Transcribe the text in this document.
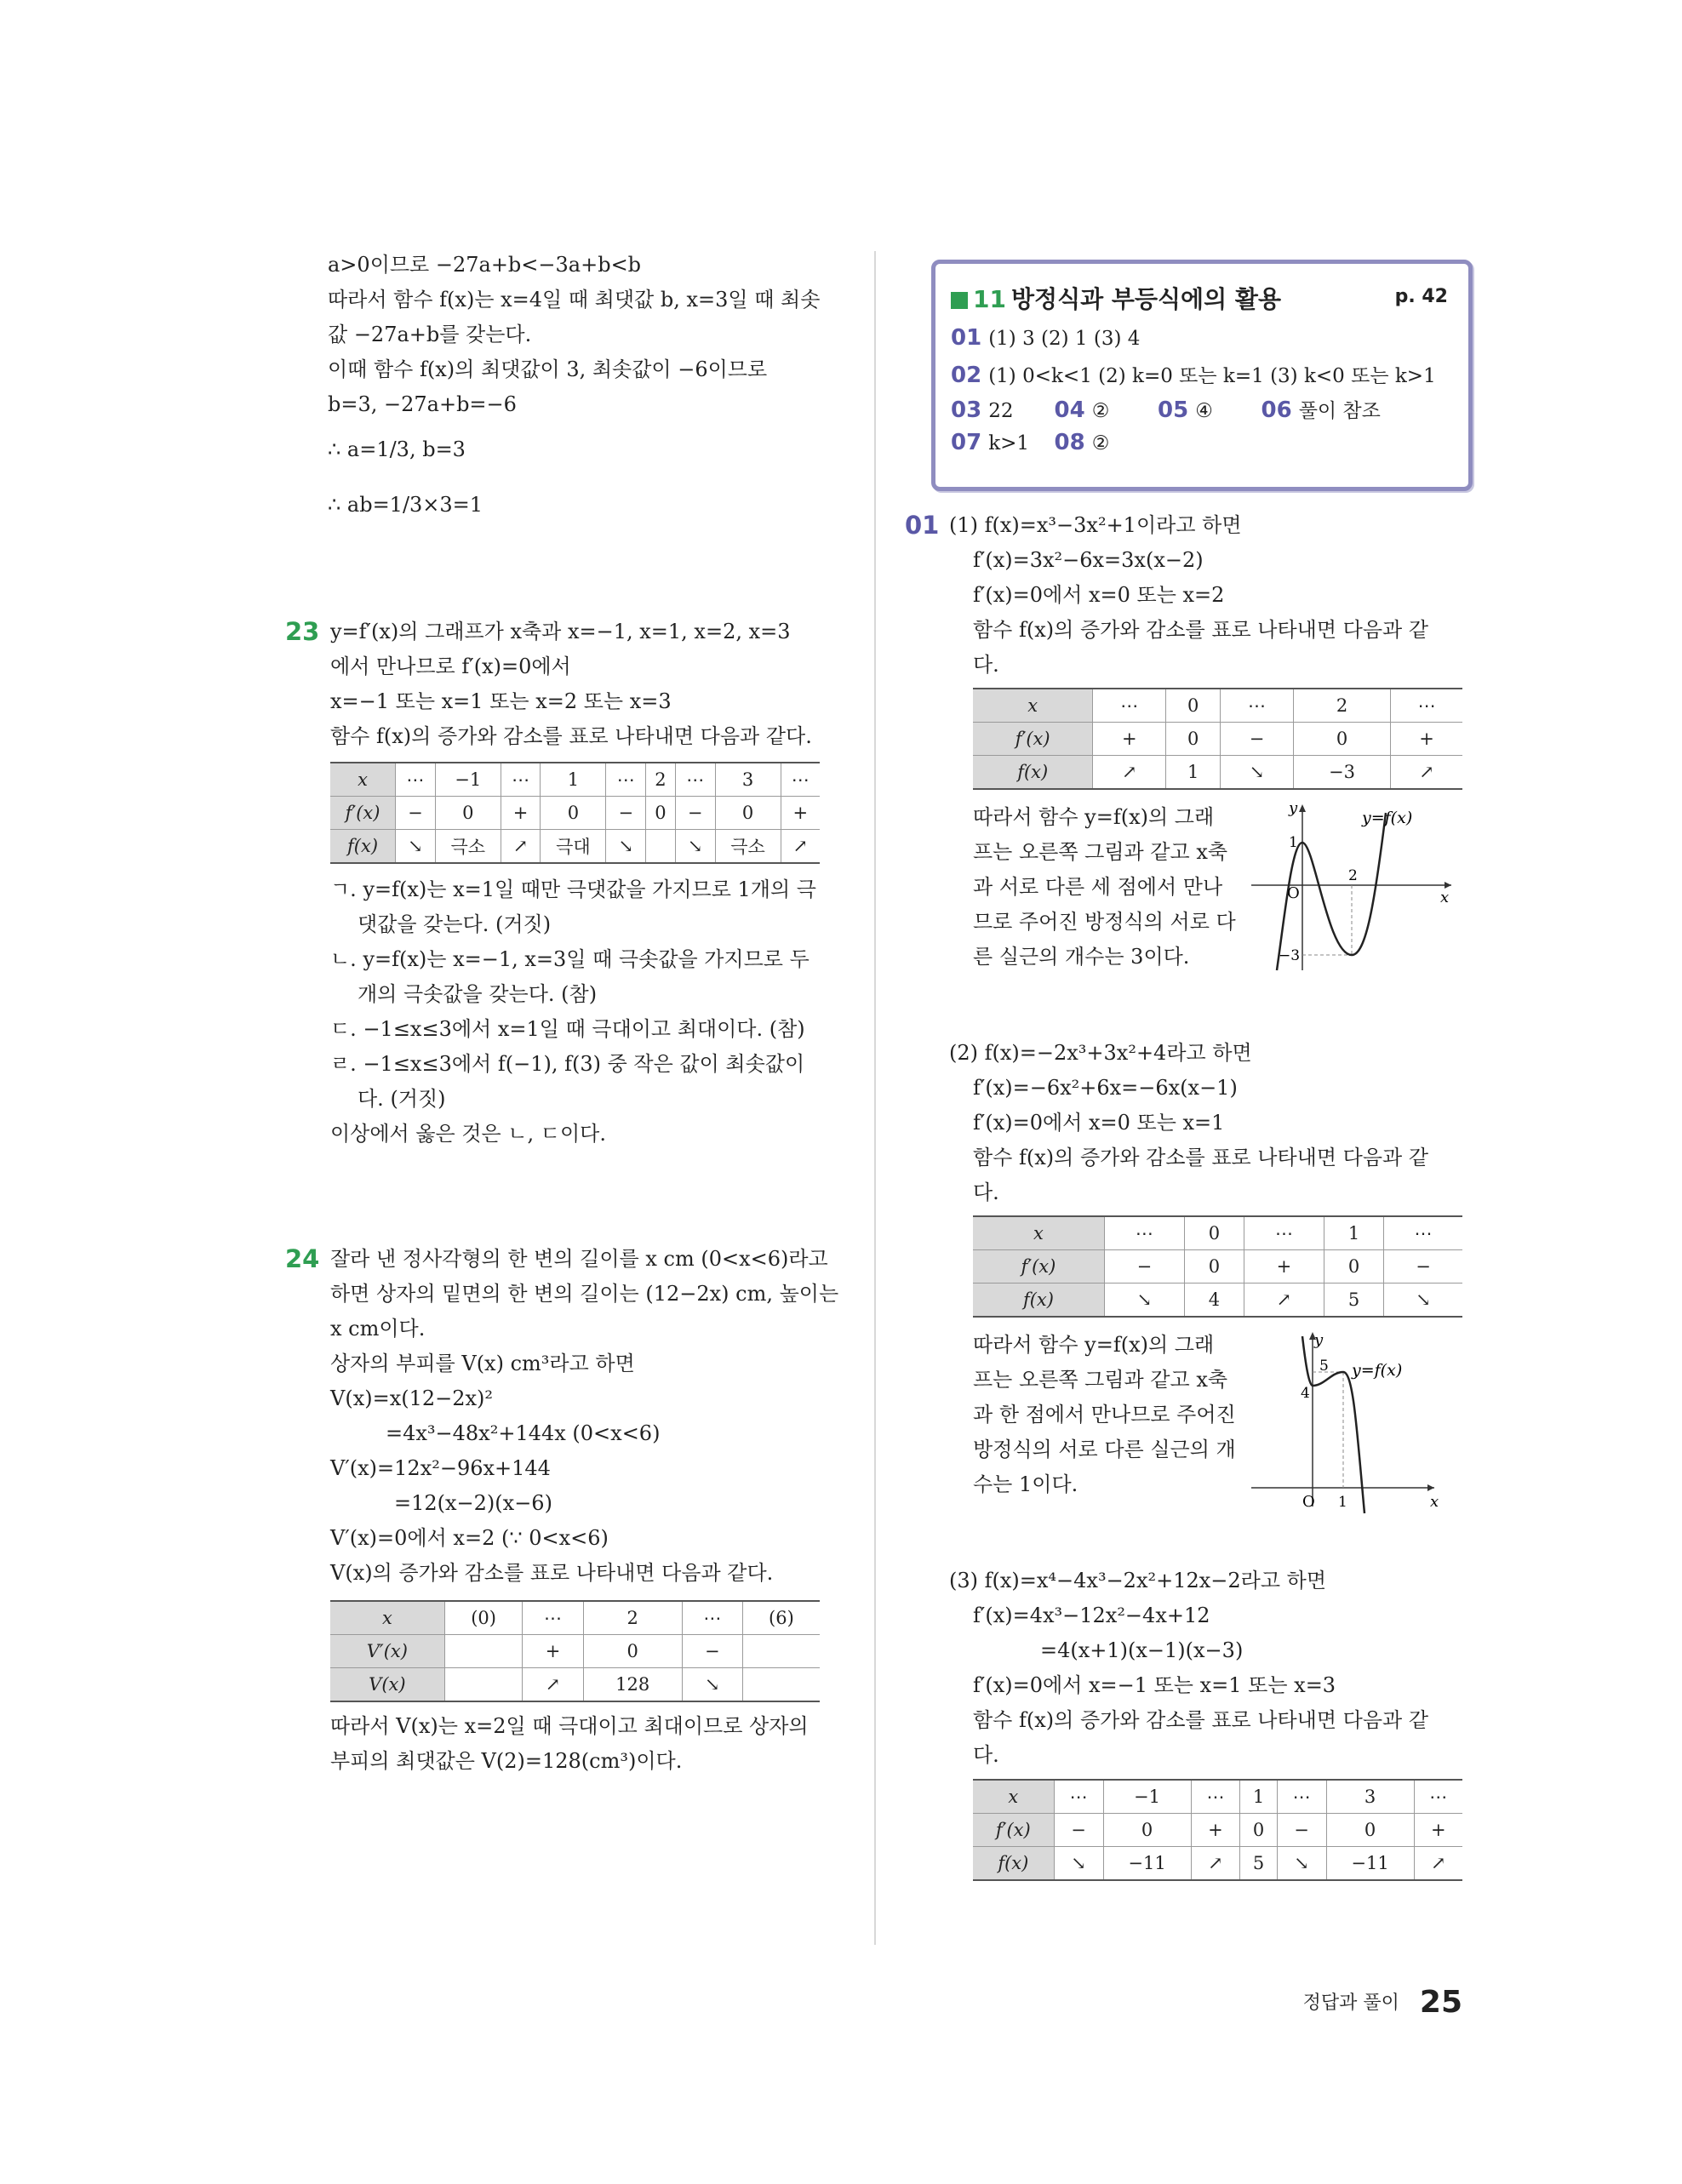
a>0이므로 −27a+b<−3a+b<b
따라서 함수 f(x)는 x=4일 때 최댓값 b, x=3일 때 최솟
값 −27a+b를 갖는다.
이때 함수 f(x)의 최댓값이 3, 최솟값이 −6이므로
b=3, −27a+b=−6
∴ a=1/3, b=3
∴ ab=1/3×3=1
23 y=f′(x)의 그래프가 x축과 x=−1, x=1, x=2, x=3
에서 만나므로 f′(x)=0에서
x=−1 또는 x=1 또는 x=2 또는 x=3
함수 f(x)의 증가와 감소를 표로 나타내면 다음과 같다.
x	⋯	−1	⋯	1	⋯	2	⋯	3	⋯
f′(x)	−	0	+	0	−	0	−	0	+
f(x)	↘	극소	↗	극대	↘		↘	극소	↗
ㄱ. y=f(x)는 x=1일 때만 극댓값을 가지므로 1개의 극
댓값을 갖는다. (거짓)
ㄴ. y=f(x)는 x=−1, x=3일 때 극솟값을 가지므로 두
개의 극솟값을 갖는다. (참)
ㄷ. −1≤x≤3에서 x=1일 때 극대이고 최대이다. (참)
ㄹ. −1≤x≤3에서 f(−1), f(3) 중 작은 값이 최솟값이
다. (거짓)
이상에서 옳은 것은 ㄴ, ㄷ이다.
24 잘라 낸 정사각형의 한 변의 길이를 x cm (0<x<6)라고
하면 상자의 밑면의 한 변의 길이는 (12−2x) cm, 높이는
x cm이다.
상자의 부피를 V(x) cm³라고 하면
V(x)=x(12−2x)²
=4x³−48x²+144x (0<x<6)
V′(x)=12x²−96x+144
=12(x−2)(x−6)
V′(x)=0에서 x=2 (∵ 0<x<6)
V(x)의 증가와 감소를 표로 나타내면 다음과 같다.
x	(0)	⋯	2	⋯	(6)
V′(x)		+	0	−	
V(x)		↗	128	↘	
따라서 V(x)는 x=2일 때 극대이고 최대이므로 상자의
부피의 최댓값은 V(2)=128(cm³)이다.
11 방정식과 부등식에의 활용	p. 42
01 (1) 3 (2) 1 (3) 4
02 (1) 0<k<1 (2) k=0 또는 k=1 (3) k<0 또는 k>1
03 22 04 ② 05 ④ 06 풀이 참조
07 k>1 08 ②
01 (1) f(x)=x³−3x²+1이라고 하면
f′(x)=3x²−6x=3x(x−2)
f′(x)=0에서 x=0 또는 x=2
함수 f(x)의 증가와 감소를 표로 나타내면 다음과 같
다.
x	⋯	0	⋯	2	⋯
f′(x)	+	0	−	0	+
f(x)	↗	1	↘	−3	↗
따라서 함수 y=f(x)의 그래
프는 오른쪽 그림과 같고 x축
과 서로 다른 세 점에서 만나
므로 주어진 방정식의 서로 다
른 실근의 개수는 3이다.
y
y=f(x)
O	x
1
2
−3
(2) f(x)=−2x³+3x²+4라고 하면
f′(x)=−6x²+6x=−6x(x−1)
f′(x)=0에서 x=0 또는 x=1
함수 f(x)의 증가와 감소를 표로 나타내면 다음과 같
다.
x	⋯	0	⋯	1	⋯
f′(x)	−	0	+	0	−
f(x)	↘	4	↗	5	↘
따라서 함수 y=f(x)의 그래
프는 오른쪽 그림과 같고 x축
과 한 점에서 만나므로 주어진
방정식의 서로 다른 실근의 개
수는 1이다.
y
y=f(x)
5
4
O 1	x
(3) f(x)=x⁴−4x³−2x²+12x−2라고 하면
f′(x)=4x³−12x²−4x+12
=4(x+1)(x−1)(x−3)
f′(x)=0에서 x=−1 또는 x=1 또는 x=3
함수 f(x)의 증가와 감소를 표로 나타내면 다음과 같
다.
x	⋯	−1	⋯	1	⋯	3	⋯
f′(x)	−	0	+	0	−	0	+
f(x)	↘	−11	↗	5	↘	−11	↗
정답과 풀이 25
